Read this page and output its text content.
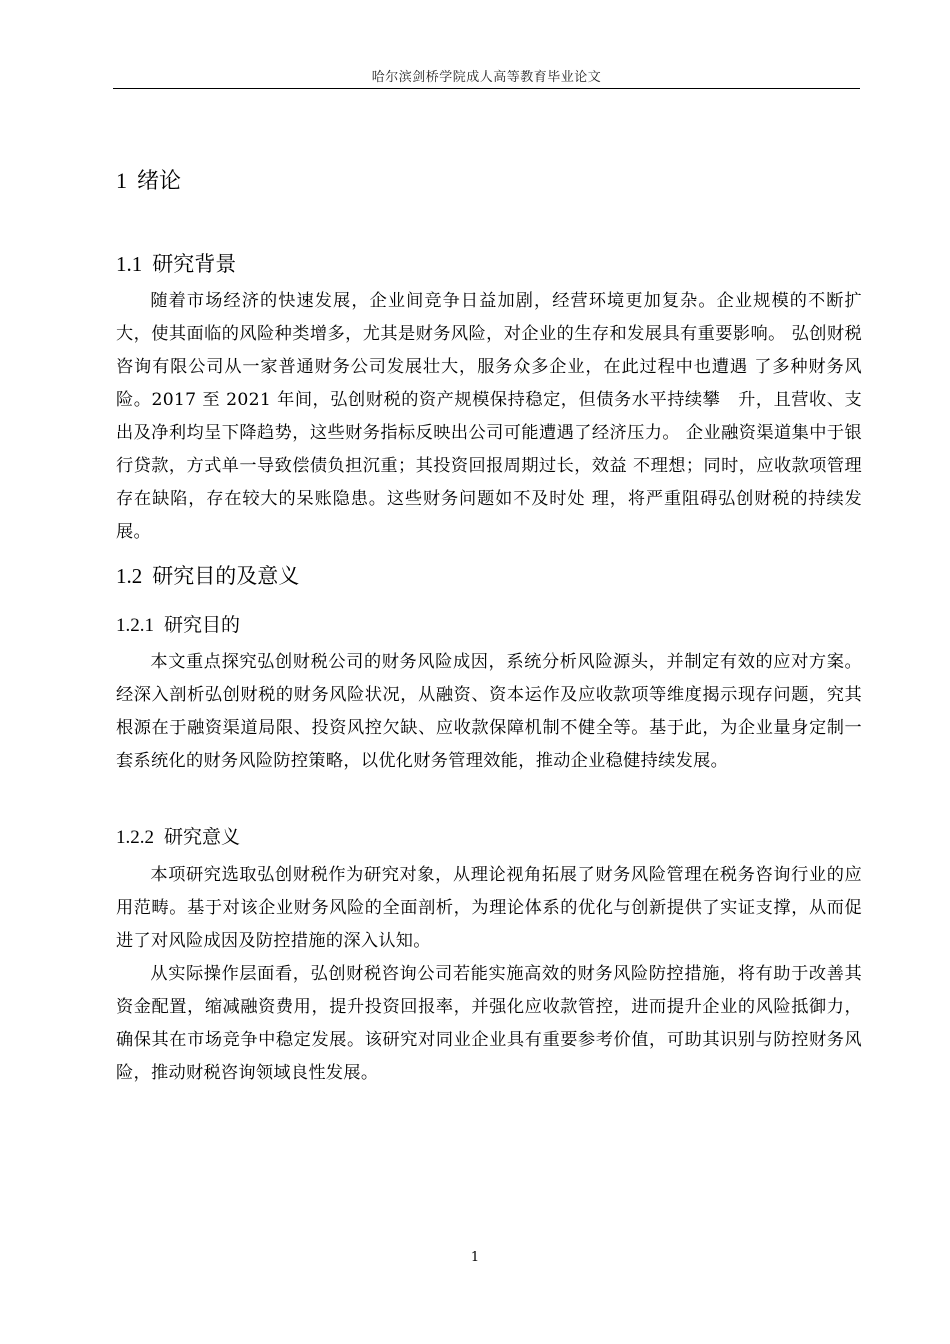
哈尔滨剑桥学院成人高等教育毕业论文
1 绪论
1.1 研究背景

随着市场经济的快速发展，企业间竞争日益加剧，经营环境更加复杂。企业规模的不断扩大，使其面临的风险种类增多，尤其是财务风险，对企业的生存和发展具有重要影响。 弘创财税咨询有限公司从一家普通财务公司发展壮大，服务众多企业，在此过程中也遭遇 了多种财务风险。2017 至 2021 年间，弘创财税的资产规模保持稳定，但债务水平持续攀　升，且营收、支出及净利均呈下降趋势，这些财务指标反映出公司可能遭遇了经济压力。 企业融资渠道集中于银行贷款，方式单一导致偿债负担沉重；其投资回报周期过长，效益 不理想；同时，应收款项管理存在缺陷，存在较大的呆账隐患。这些财务问题如不及时处 理，将严重阻碍弘创财税的持续发展。

1.2 研究目的及意义
1.2.1 研究目的

本文重点探究弘创财税公司的财务风险成因，系统分析风险源头，并制定有效的应对方案。经深入剖析弘创财税的财务风险状况，从融资、资本运作及应收款项等维度揭示现存问题，究其根源在于融资渠道局限、投资风控欠缺、应收款保障机制不健全等。基于此，为企业量身定制一套系统化的财务风险防控策略，以优化财务管理效能，推动企业稳健持续发展。

1.2.2 研究意义

本项研究选取弘创财税作为研究对象，从理论视角拓展了财务风险管理在税务咨询行业的应用范畴。基于对该企业财务风险的全面剖析，为理论体系的优化与创新提供了实证支撑，从而促进了对风险成因及防控措施的深入认知。

从实际操作层面看，弘创财税咨询公司若能实施高效的财务风险防控措施，将有助于改善其资金配置，缩减融资费用，提升投资回报率，并强化应收款管控，进而提升企业的风险抵御力，确保其在市场竞争中稳定发展。该研究对同业企业具有重要参考价值，可助其识别与防控财务风险，推动财税咨询领域良性发展。

1
